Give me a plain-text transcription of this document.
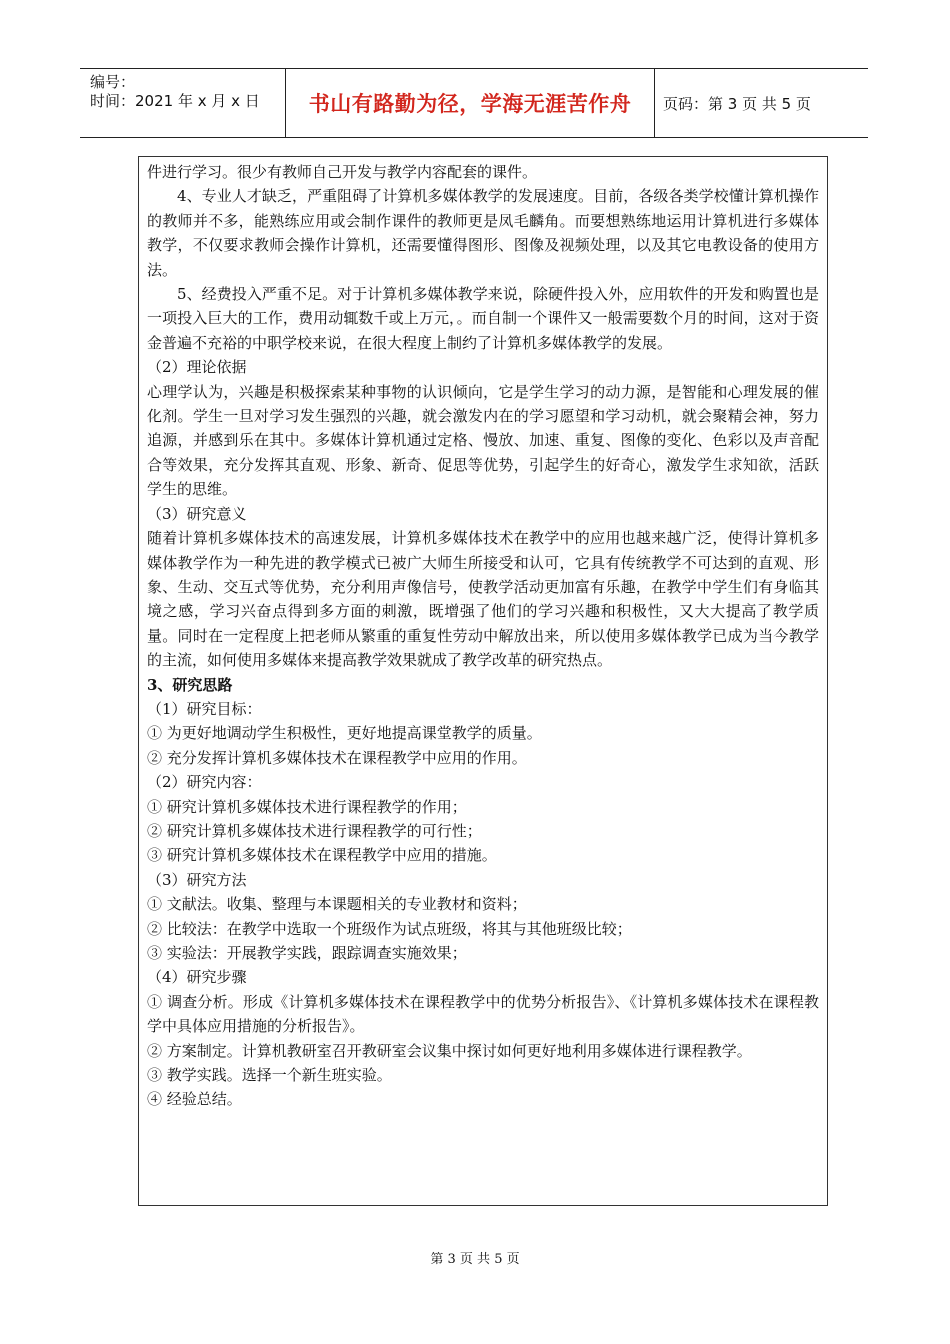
编号：
时间：2021 年 x 月 x 日	书山有路勤为径，学海无涯苦作舟	页码：第 3 页 共 5 页

件进行学习。很少有教师自己开发与教学内容配套的课件。

4、专业人才缺乏，严重阻碍了计算机多媒体教学的发展速度。目前，各级各类学校懂计算机操作的教师并不多，能熟练应用或会制作课件的教师更是凤毛麟角。而要想熟练地运用计算机进行多媒体教学，不仅要求教师会操作计算机，还需要懂得图形、图像及视频处理，以及其它电教设备的使用方法。

5、经费投入严重不足。对于计算机多媒体教学来说，除硬件投入外，应用软件的开发和购置也是一项投入巨大的工作，费用动辄数千或上万元，。而自制一个课件又一般需要数个月的时间，这对于资金普遍不充裕的中职学校来说，在很大程度上制约了计算机多媒体教学的发展。

（2）理论依据

心理学认为，兴趣是积极探索某种事物的认识倾向，它是学生学习的动力源，是智能和心理发展的催化剂。学生一旦对学习发生强烈的兴趣，就会激发内在的学习愿望和学习动机，就会聚精会神，努力追源，并感到乐在其中。多媒体计算机通过定格、慢放、加速、重复、图像的变化、色彩以及声音配合等效果，充分发挥其直观、形象、新奇、促思等优势，引起学生的好奇心，激发学生求知欲，活跃学生的思维。

（3）研究意义

随着计算机多媒体技术的高速发展，计算机多媒体技术在教学中的应用也越来越广泛，使得计算机多媒体教学作为一种先进的教学模式已被广大师生所接受和认可，它具有传统教学不可达到的直观、形象、生动、交互式等优势，充分利用声像信号，使教学活动更加富有乐趣，在教学中学生们有身临其境之感，学习兴奋点得到多方面的刺激，既增强了他们的学习兴趣和积极性，又大大提高了教学质量。同时在一定程度上把老师从繁重的重复性劳动中解放出来，所以使用多媒体教学已成为当今教学的主流，如何使用多媒体来提高教学效果就成了教学改革的研究热点。

3、研究思路

（1）研究目标：

① 为更好地调动学生积极性，更好地提高课堂教学的质量。

② 充分发挥计算机多媒体技术在课程教学中应用的作用。

（2）研究内容：

① 研究计算机多媒体技术进行课程教学的作用；

② 研究计算机多媒体技术进行课程教学的可行性；

③ 研究计算机多媒体技术在课程教学中应用的措施。

（3）研究方法

① 文献法。收集、整理与本课题相关的专业教材和资料；

② 比较法：在教学中选取一个班级作为试点班级，将其与其他班级比较；

③ 实验法：开展教学实践，跟踪调查实施效果；

（4）研究步骤

① 调查分析。形成《计算机多媒体技术在课程教学中的优势分析报告》、《计算机多媒体技术在课程教学中具体应用措施的分析报告》。

② 方案制定。计算机教研室召开教研室会议集中探讨如何更好地利用多媒体进行课程教学。

③ 教学实践。选择一个新生班实验。

④ 经验总结。

第 3 页 共 5 页
